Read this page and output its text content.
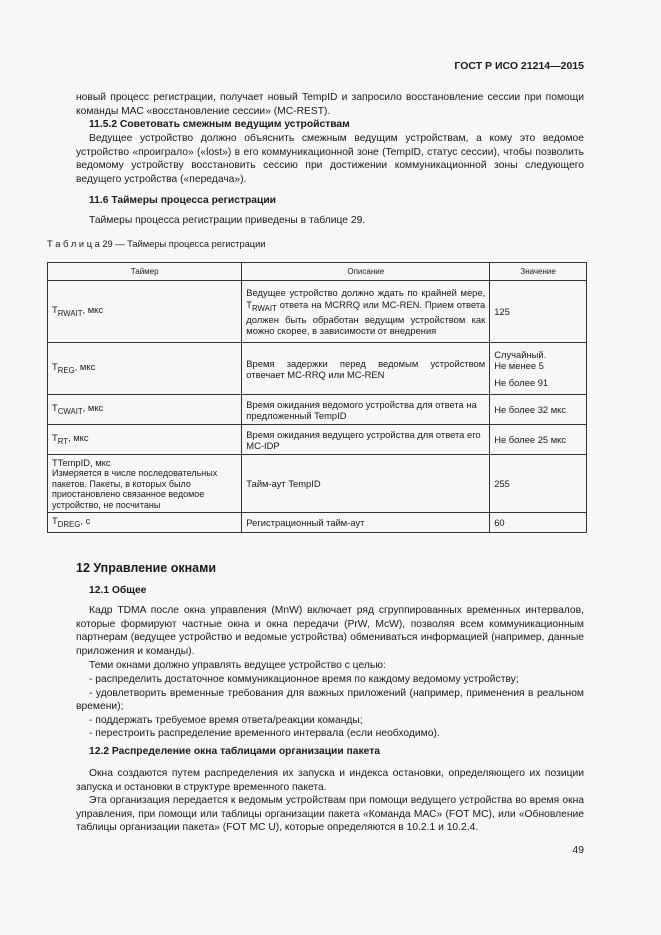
ГОСТ Р ИСО 21214—2015
новый процесс регистрации, получает новый TempID и запросило восстановление сессии при помощи команды МАС «восстановление сессии» (MC-REST).
11.5.2 Советовать смежным ведущим устройствам
Ведущее устройство должно объяснить смежным ведущим устройствам, а кому это ведомое устройство «проиграло» («lost») в его коммуникационной зоне (TempID, статус сессии), чтобы позволить ведомому устройству восстановить сессию при достижении коммуникационной зоны следующего ведущего устройства («передача»).
11.6 Таймеры процесса регистрации
Таймеры процесса регистрации приведены в таблице 29.
Т а б л и ц а 29 — Таймеры процесса регистрации
Таймер	Описание	Значение
$T_{RWAIT}$, мкс	Ведущее устройство должно ждать по крайней мере, $T_{RWAIT}$ ответа на MCRRQ или MC-REN. Прием ответа должен быть обработан ведущим устройством как можно скорее, в зависимости от внедрения	125
$T_{REG}$, мкс	Время задержки перед ведомым устройством отвечает MC-RRQ или MC-REN	Случайный.
Не менее 5
Не более 91

$T_{CWAIT}$, мкс	Время ожидания ведомого устройства для ответа на предложенный TempID	Не более 32 мкс
$T_{RT}$, мкс	Время ожидания ведущего устройства для ответа его MC-IDP	Не более 25 мкс

TTempID, мкс
Измеряется в числе последовательных пакетов. Пакеты, в которых было приостановлено связанное ведомое устройство, не посчитаны	Тайм-аут TempID	255
$T_{DREG}$, с	Регистрационный тайм-аут	60
12 Управление окнами
12.1 Общее
Кадр TDMA после окна управления (MnW) включает ряд сгруппированных временных интервалов, которые формируют частные окна и окна передачи (PrW, McW), позволяя всем коммуникационным партнерам (ведущее устройство и ведомые устройства) обмениваться информацией (например, данные приложения и команды).
Теми окнами должно управлять ведущее устройство с целью:
- распределить достаточное коммуникационное время по каждому ведомому устройству;
- удовлетворить временные требования для важных приложений (например, применения в реальном времени);
- поддержать требуемое время ответа/реакции команды;
- перестроить распределение временного интервала (если необходимо).
12.2 Распределение окна таблицами организации пакета
Окна создаются путем распределения их запуска и индекса остановки, определяющего их позиции запуска и остановки в структуре временного пакета.
Эта организация передается к ведомым устройствам при помощи ведущего устройства во время окна управления, при помощи или таблицы организации пакета «Команда МАС» (FOT MC), или «Обновление таблицы организации пакета» (FOT MC U), которые определяются в 10.2.1 и 10.2.4.
49
